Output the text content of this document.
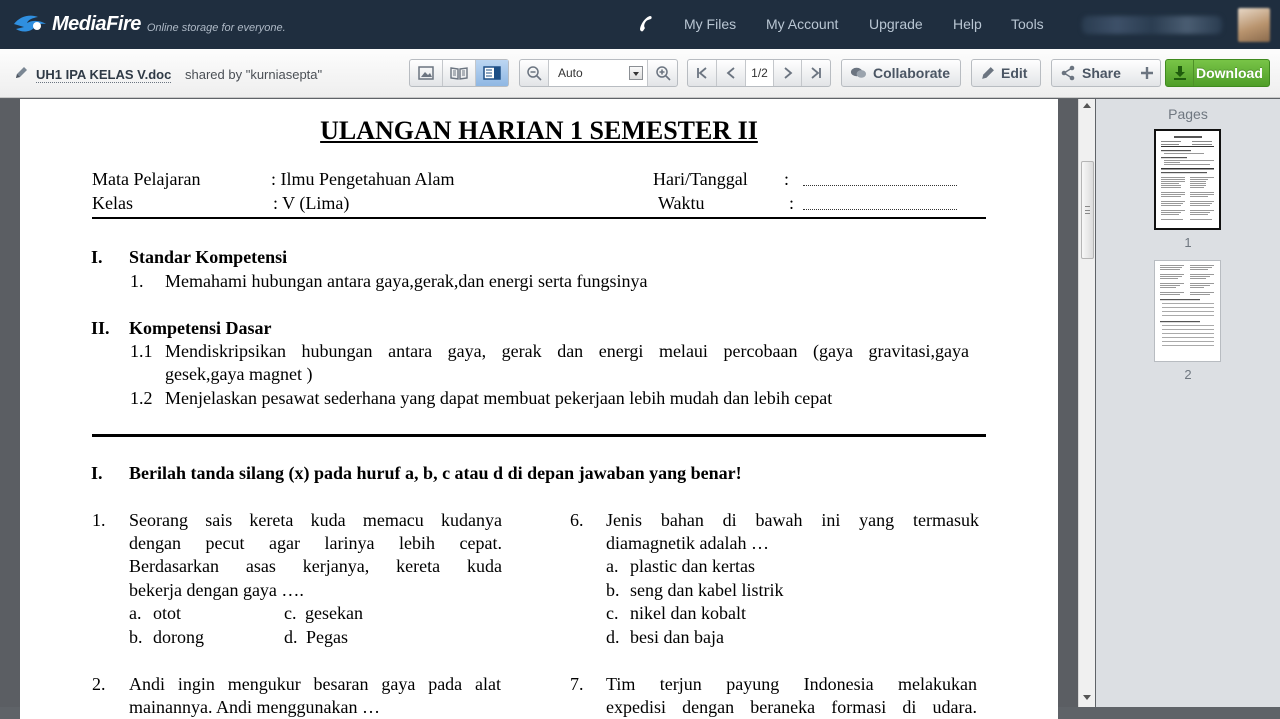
MediaFire Online storage for everyone.	My Files My Account Upgrade Help Tools
UH1 IPA KELAS V.doc shared by "kurniasepta"	Auto	1/2	Collaborate	Edit	Share	Download
ULANGAN HARIAN 1 SEMESTER II
Mata Pelajaran	: Ilmu Pengetahuan Alam
Kelas	: V (Lima)
Hari/Tanggal :
Waktu	:
I. Standar Kompetensi
1. Memahami hubungan antara gaya,gerak,dan energi serta fungsinya
II. Kompetensi Dasar
1.1 Mendiskripsikan hubungan antara gaya, gerak dan energi melaui percobaan (gaya gravitasi,gaya
gesek,gaya magnet )
1.2 Menjelaskan pesawat sederhana yang dapat membuat pekerjaan lebih mudah dan lebih cepat
I. Berilah tanda silang (x) pada huruf a, b, c atau d di depan jawaban yang benar!
1. Seorang sais kereta kuda memacu kudanya
dengan pecut agar larinya lebih cepat.
Berdasarkan asas kerjanya, kereta kuda
bekerja dengan gaya ….
a. otot	c. gesekan
b. dorong	d. Pegas
2. Andi ingin mengukur besaran gaya pada alat
mainannya. Andi menggunakan …
6. Jenis bahan di bawah ini yang termasuk
diamagnetik adalah …
a. plastic dan kertas
b. seng dan kabel listrik
c. nikel dan kobalt
d. besi dan baja
7. Tim terjun payung Indonesia melakukan
expedisi dengan beraneka formasi di udara.
Pages
1
2
